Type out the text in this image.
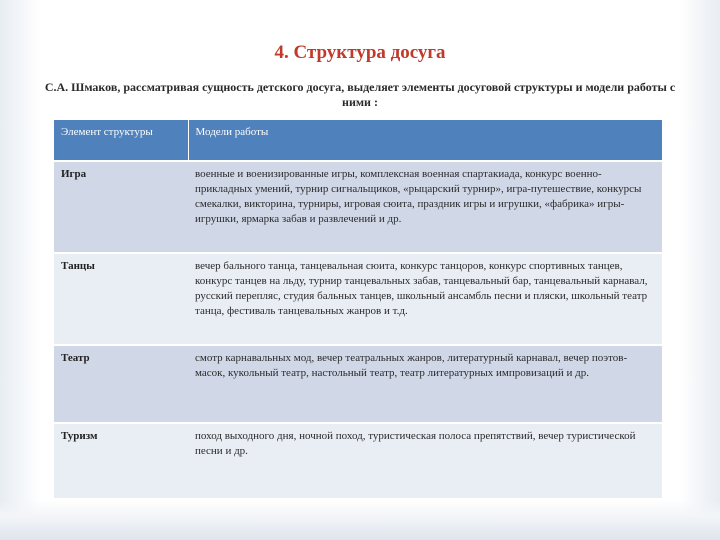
4. Структура досуга
С.А. Шмаков, рассматривая сущность детского досуга, выделяет элементы досуговой структуры и модели работы с ними :
Элемент структуры	Модели работы
Игра	военные и военизированные игры, комплексная военная спартакиада, конкурс военно-прикладных умений, турнир сигнальщиков, «рыцарский турнир», игра-путешествие, конкурсы смекалки, викторина, турниры, игровая сюита, праздник игры и игрушки, «фабрика» игры-игрушки, ярмарка забав и развлечений и др.
Танцы	вечер бального танца, танцевальная сюита, конкурс танцоров, конкурс спортивных танцев, конкурс танцев на льду, турнир танцевальных забав, танцевальный бар, танцевальный карнавал, русский перепляс, студия бальных танцев, школьный ансамбль песни и пляски, школьный театр танца, фестиваль танцевальных жанров и т.д.
Театр	смотр карнавальных мод, вечер театральных жанров, литературный карнавал, вечер поэтов-масок, кукольный театр, настольный театр, театр литературных импровизаций и др.
Туризм	поход выходного дня, ночной поход, туристическая полоса препятствий, вечер туристической песни и др.
